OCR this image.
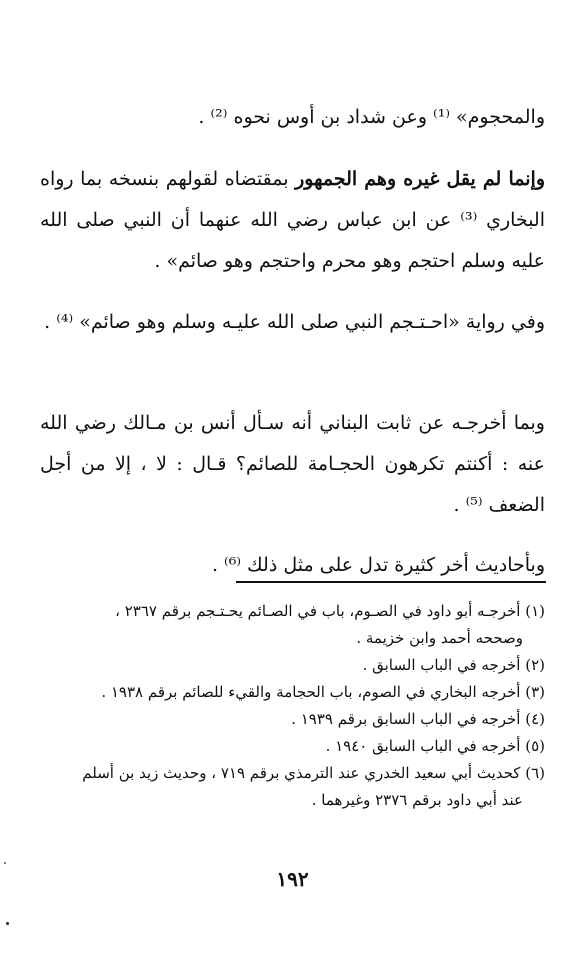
والمحجوم» ⁽¹⁾ وعن شداد بن أوس نحوه ⁽²⁾ .

وإنما لم يقل غيره وهم الجمهور بمقتضاه لقولهم بنسخه بما رواه البخاري ⁽³⁾ عن ابن عباس رضي الله عنهما أن النبي صلى الله عليه وسلم احتجم وهو محرم واحتجم وهو صائم» .

وفي رواية «احـتـجم النبي صلى الله عليـه وسلم وهو صائم» ⁽⁴⁾ .

وبما أخرجـه عن ثابت البناني أنه سـأل أنس بن مـالك رضي الله عنه : أكنتم تكرهون الحجـامة للصائم؟ قـال : لا ، إلا من أجل الضعف ⁽⁵⁾ .

وبأحاديث أخر كثيرة تدل على مثل ذلك ⁽⁶⁾ .

(١) أخرجـه أبو داود في الصـوم، باب في الصـائم يحـتـجم برقم ٢٣٦٧ ،

وصححه أحمد وابن خزيمة .

(٢) أخرجه في الباب السابق .

(٣) أخرجه البخاري في الصوم، باب الحجامة والقيء للصائم برقم ١٩٣٨ .

(٤) أخرجه في الباب السابق برقم ١٩٣٩ .

(٥) أخرجه في الباب السابق ١٩٤٠ .

(٦) كحديث أبي سعيد الخدري عند الترمذي برقم ٧١٩ ، وحديث زيد بن أسلم

عند أبي داود برقم ٢٣٧٦ وغيرهما .

١٩٢
